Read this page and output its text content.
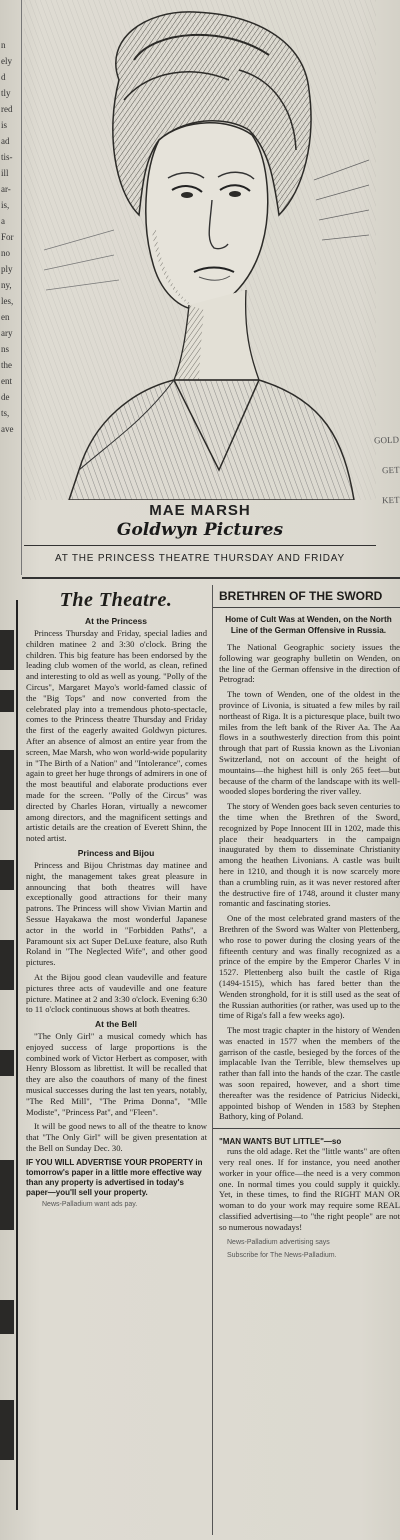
n
ely
d
tly
red
is
ad
tis-
ill
ar-
is,
a
For
no
ply
ny,
les,
en
ary
ns
the
ent
de
ts,
ave
GOLD
GET
KET
MAE MARSH
Goldwyn Pictures
AT THE PRINCESS THEATRE THURSDAY AND FRIDAY
The Theatre.
At the Princess

Princess Thursday and Friday, special ladies and children matinee 2 and 3:30 o'clock. Bring the children. This big feature has been endorsed by the leading club women of the world, as clean, refined and interesting to old as well as young. "Polly of the Circus", Margaret Mayo's world-famed classic of the "Big Tops" and now converted from the celebrated play into a tremendous photo-spectacle, comes to the Princess theatre Thursday and Friday the first of the eagerly awaited Goldwyn pictures. After an absence of almost an entire year from the screen, Mae Marsh, who won world-wide popularity in "The Birth of a Nation" and "Intolerance", comes again to greet her huge throngs of admirers in one of the most beautiful and elaborate productions ever made for the screen. "Polly of the Circus" was directed by Charles Horan, virtually a newcomer among directors, and the magnificent settings and artistic details are the creation of Everett Shinn, the noted artist.

Princess and Bijou

Princess and Bijou Christmas day matinee and night, the management takes great pleasure in announcing that both theatres will have exceptionally good attractions for their many patrons. The Princess will show Vivian Martin and Sessue Hayakawa the most wonderful Japanese actor in the world in "Forbidden Paths", a Paramount six act Super DeLuxe feature, also Ruth Roland in "The Neglected Wife", and other good pictures.

At the Bijou good clean vaudeville and feature pictures three acts of vaudeville and one feature picture. Matinee at 2 and 3:30 o'clock. Evening 6:30 to 11 o'clock continuous shows at both theatres.

At the Bell

"The Only Girl" a musical comedy which has enjoyed success of large proportions is the combined work of Victor Herbert as composer, with Henry Blossom as librettist. It will be recalled that they are also the coauthors of many of the finest musical successes during the last ten years, notably, "The Red Mill", "The Prima Donna", "Mlle Modiste", "Princess Pat", and "Fleen".

It will be good news to all of the theatre to know that "The Only Girl" will be given presentation at the Bell on Sunday Dec. 30.

IF YOU WILL ADVERTISE YOUR PROPERTY in tomorrow's paper in a little more effective way than any property is advertised in today's paper—you'll sell your property.

News-Palladium want ads pay.
BRETHREN OF THE SWORD
Home of Cult Was at Wenden, on the North Line of the German Offensive in Russia.

The National Geographic society issues the following war geography bulletin on Wenden, on the line of the German offensive in the direction of Petrograd:

The town of Wenden, one of the oldest in the province of Livonia, is situated a few miles by rail northeast of Riga. It is a picturesque place, built two miles from the left bank of the River Aa. The Aa flows in a southwesterly direction from this point through that part of Russia known as the Livonian Switzerland, not on account of the height of mountains—the highest hill is only 265 feet—but because of the charm of the landscape with its well-wooded slopes bordering the river valley.

The story of Wenden goes back seven centuries to the time when the Brethren of the Sword, recognized by Pope Innocent III in 1202, made this place their headquarters in the campaign inaugurated by them to disseminate Christianity among the heathen Livonians. A castle was built here in 1210, and though it is now scarcely more than a crumbling ruin, as it was never restored after the destructive fire of 1748, around it cluster many romantic and fascinating stories.

One of the most celebrated grand masters of the Brethren of the Sword was Walter von Plettenberg, who rose to power during the closing years of the fifteenth century and was finally recognized as a prince of the empire by the Emperor Charles V in 1527. Plettenberg also built the castle of Riga (1494-1515), which has fared better than the Wenden stronghold, for it is still used as the seat of the Russian authorities (or rather, was used up to the time of Riga's fall a few weeks ago).

The most tragic chapter in the history of Wenden was enacted in 1577 when the members of the garrison of the castle, besieged by the forces of the implacable Ivan the Terrible, blew themselves up rather than fall into the hands of the czar. The castle was soon repaired, however, and a short time thereafter was the residence of Patricius Nidecki, appointed bishop of Wenden in 1583 by Stephen Bathory, king of Poland.

"MAN WANTS BUT LITTLE"—so

runs the old adage. Ret the "little wants" are often very real ones. If for instance, you need another worker in your office—the need is a very common one. In normal times you could supply it quickly. Yet, in these times, to find the RIGHT MAN OR woman to do your work may require some REAL classified advertising—to "the right people" are not so numerous nowadays!

News-Palladium advertising says
Subscribe for The News-Palladium.
